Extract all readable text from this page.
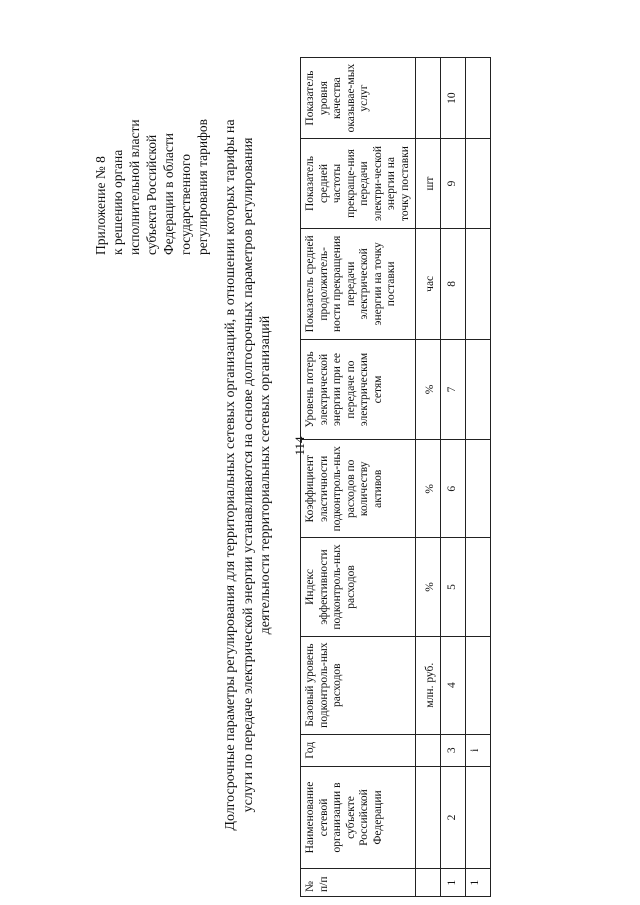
114
Приложение № 8 к решению органа исполнительной власти субъекта Российской Федерации в области государственного регулирования тарифов Долгосрочные параметры регулирования для территориальных сетевых организаций, в отношении которых тарифы на услуги по передаче электрической энергии устанавливаются на основе долгосрочных параметров регулирования деятельности территориальных сетевых организаций
№ п/п	Наименование сетевой организации в субъекте Российской Федерации	Год	Базовый уровень подконтроль-ных расходов	Индекс эффективности подконтроль-ных расходов	Коэффициент эластичности подконтроль-ных расходов по количеству активов	Уровень потерь электрической энергии при ее передаче по электрическим сетям	Показатель средней продолжитель-ности прекращения передачи электрической энергии на точку поставки	Показатель средней частоты прекраще-ния передачи электри-ческой энергии на точку поставки	Показатель уровня качества оказывае-мых услуг
			млн. руб.	%	%	%	час	шт	
1	2	3	4	5	6	7	8	9	10
1		i							
